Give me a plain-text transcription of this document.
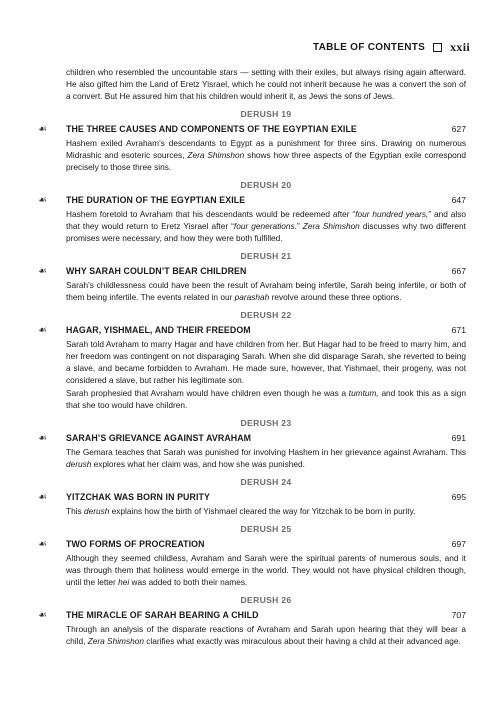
TABLE OF CONTENTS xxii

children who resembled the uncountable stars — setting with their exiles, but always rising again afterward. He also gifted him the Land of Eretz Yisrael, which he could not inherit because he was a convert the son of a convert. But He assured him that his children would inherit it, as Jews the sons of Jews.

DERUSH 19
☙	THE THREE CAUSES AND COMPONENTS OF THE EGYPTIAN EXILE	627

Hashem exiled Avraham's descendants to Egypt as a punishment for three sins. Drawing on numerous Midrashic and esoteric sources, Zera Shimshon shows how three aspects of the Egyptian exile correspond precisely to those three sins.

DERUSH 20
☙	THE DURATION OF THE EGYPTIAN EXILE	647

Hashem foretold to Avraham that his descendants would be redeemed after “four hundred years,” and also that they would return to Eretz Yisrael after “four generations.” Zera Shimshon discusses why two different promises were necessary, and how they were both fulfilled.

DERUSH 21
☙	WHY SARAH COULDN’T BEAR CHILDREN	667

Sarah's childlessness could have been the result of Avraham being infertile, Sarah being infertile, or both of them being infertile. The events related in our parashah revolve around these three options.

DERUSH 22
☙	HAGAR, YISHMAEL, AND THEIR FREEDOM	671

Sarah told Avraham to marry Hagar and have children from her. But Hagar had to be freed to marry him, and her freedom was contingent on not disparaging Sarah. When she did disparage Sarah, she reverted to being a slave, and became forbidden to Avraham. He made sure, however, that Yishmael, their progeny, was not considered a slave, but rather his legitimate son.

Sarah prophesied that Avraham would have children even though he was a tumtum, and took this as a sign that she too would have children.

DERUSH 23
☙	SARAH’S GRIEVANCE AGAINST AVRAHAM	691

The Gemara teaches that Sarah was punished for involving Hashem in her grievance against Avraham. This derush explores what her claim was, and how she was punished.

DERUSH 24
☙	YITZCHAK WAS BORN IN PURITY	695

This derush explains how the birth of Yishmael cleared the way for Yitzchak to be born in purity.

DERUSH 25
☙	TWO FORMS OF PROCREATION	697

Although they seemed childless, Avraham and Sarah were the spiritual parents of numerous souls, and it was through them that holiness would emerge in the world. They would not have physical children though, until the letter hei was added to both their names.

DERUSH 26
☙	THE MIRACLE OF SARAH BEARING A CHILD	707

Through an analysis of the disparate reactions of Avraham and Sarah upon hearing that they will bear a child, Zera Shimshon clarifies what exactly was miraculous about their having a child at their advanced age.
